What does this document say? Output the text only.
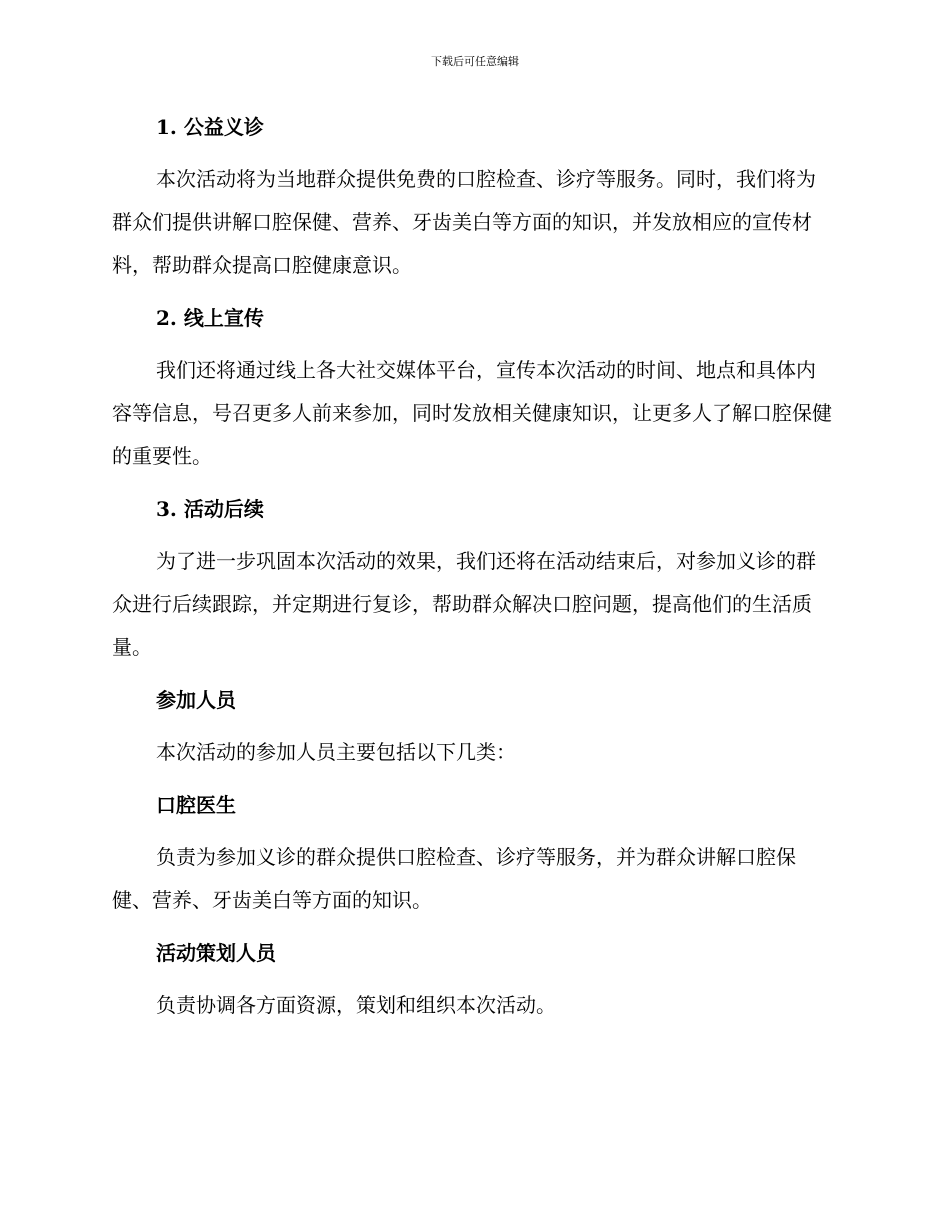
下载后可任意编辑
1. 公益义诊
本次活动将为当地群众提供免费的口腔检查、诊疗等服务。同时，我们将为群众们提供讲解口腔保健、营养、牙齿美白等方面的知识，并发放相应的宣传材料，帮助群众提高口腔健康意识。
2. 线上宣传
我们还将通过线上各大社交媒体平台，宣传本次活动的时间、地点和具体内容等信息，号召更多人前来参加，同时发放相关健康知识，让更多人了解口腔保健的重要性。
3. 活动后续
为了进一步巩固本次活动的效果，我们还将在活动结束后，对参加义诊的群众进行后续跟踪，并定期进行复诊，帮助群众解决口腔问题，提高他们的生活质量。
参加人员
本次活动的参加人员主要包括以下几类：
口腔医生
负责为参加义诊的群众提供口腔检查、诊疗等服务，并为群众讲解口腔保健、营养、牙齿美白等方面的知识。
活动策划人员
负责协调各方面资源，策划和组织本次活动。
